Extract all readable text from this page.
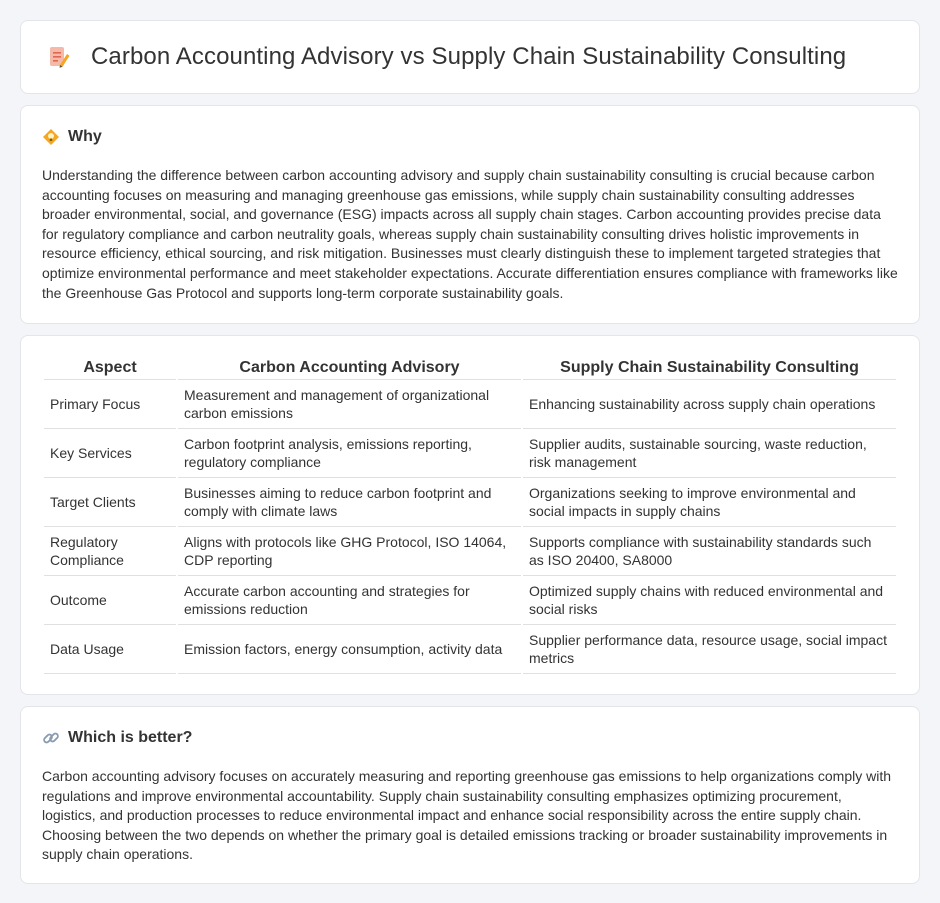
Carbon Accounting Advisory vs Supply Chain Sustainability Consulting
Why

Understanding the difference between carbon accounting advisory and supply chain sustainability consulting is crucial because carbon accounting focuses on measuring and managing greenhouse gas emissions, while supply chain sustainability consulting addresses broader environmental, social, and governance (ESG) impacts across all supply chain stages. Carbon accounting provides precise data for regulatory compliance and carbon neutrality goals, whereas supply chain sustainability consulting drives holistic improvements in resource efficiency, ethical sourcing, and risk mitigation. Businesses must clearly distinguish these to implement targeted strategies that optimize environmental performance and meet stakeholder expectations. Accurate differentiation ensures compliance with frameworks like the Greenhouse Gas Protocol and supports long-term corporate sustainability goals.

Aspect	Carbon Accounting Advisory	Supply Chain Sustainability Consulting
Primary Focus	Measurement and management of organizational carbon emissions	Enhancing sustainability across supply chain operations
Key Services	Carbon footprint analysis, emissions reporting, regulatory compliance	Supplier audits, sustainable sourcing, waste reduction, risk management
Target Clients	Businesses aiming to reduce carbon footprint and comply with climate laws	Organizations seeking to improve environmental and social impacts in supply chains
Regulatory Compliance	Aligns with protocols like GHG Protocol, ISO 14064, CDP reporting	Supports compliance with sustainability standards such as ISO 20400, SA8000
Outcome	Accurate carbon accounting and strategies for emissions reduction	Optimized supply chains with reduced environmental and social risks
Data Usage	Emission factors, energy consumption, activity data	Supplier performance data, resource usage, social impact metrics
Which is better?

Carbon accounting advisory focuses on accurately measuring and reporting greenhouse gas emissions to help organizations comply with regulations and improve environmental accountability. Supply chain sustainability consulting emphasizes optimizing procurement, logistics, and production processes to reduce environmental impact and enhance social responsibility across the entire supply chain. Choosing between the two depends on whether the primary goal is detailed emissions tracking or broader sustainability improvements in supply chain operations.
